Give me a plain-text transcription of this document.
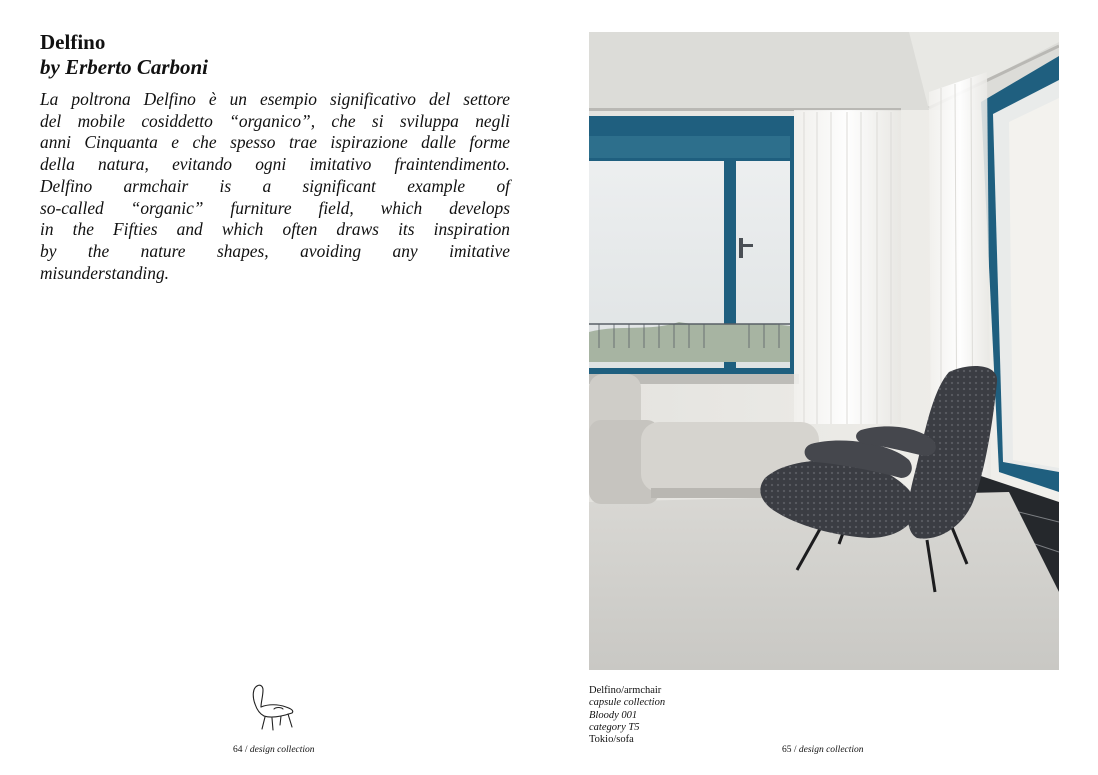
Delfino
by Erberto Carboni

La poltrona Delfino è un esempio significativo del settore
del mobile cosiddetto “organico”, che si sviluppa negli
anni Cinquanta e che spesso trae ispirazione dalle forme
della natura, evitando ogni imitativo fraintendimento.
Delfino armchair is a significant example of
so-called “organic” furniture field, which develops
in the Fifties and which often draws its inspiration
by the nature shapes, avoiding any imitative
misunderstanding.

64 / design collection
Delfino/armchair
capsule collection
Bloody 001
category T5
Tokio/sofa
65 / design collection
